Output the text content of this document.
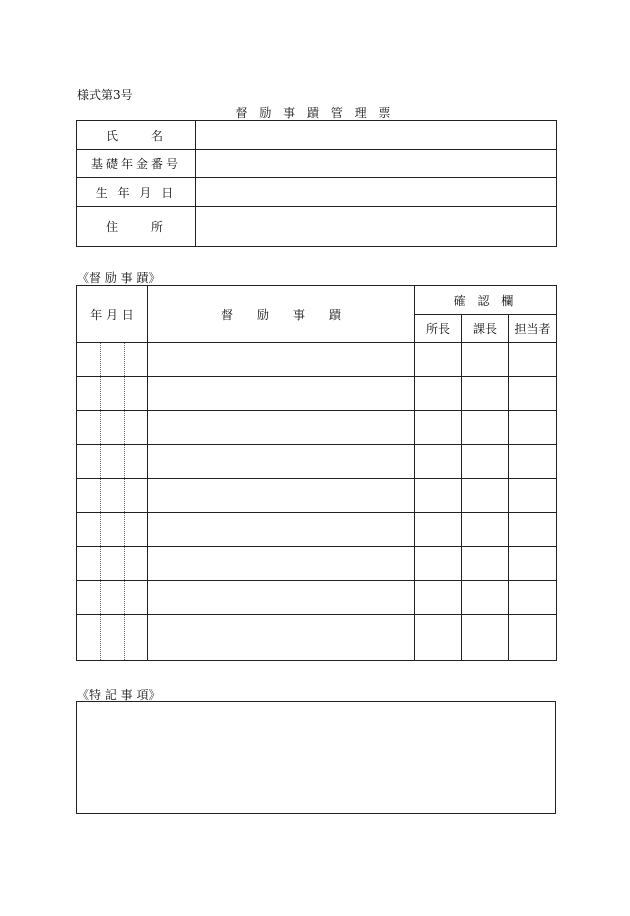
様式第3号
督 励 事 蹟 管 理 票
氏　　名	
基礎年金番号	
生 年 月 日	
住　　所	
《督 励 事 蹟》
年 月 日	督　　励　　事　　蹟	確 認 欄		
		所長	課長	担当者

《特 記 事 項》
